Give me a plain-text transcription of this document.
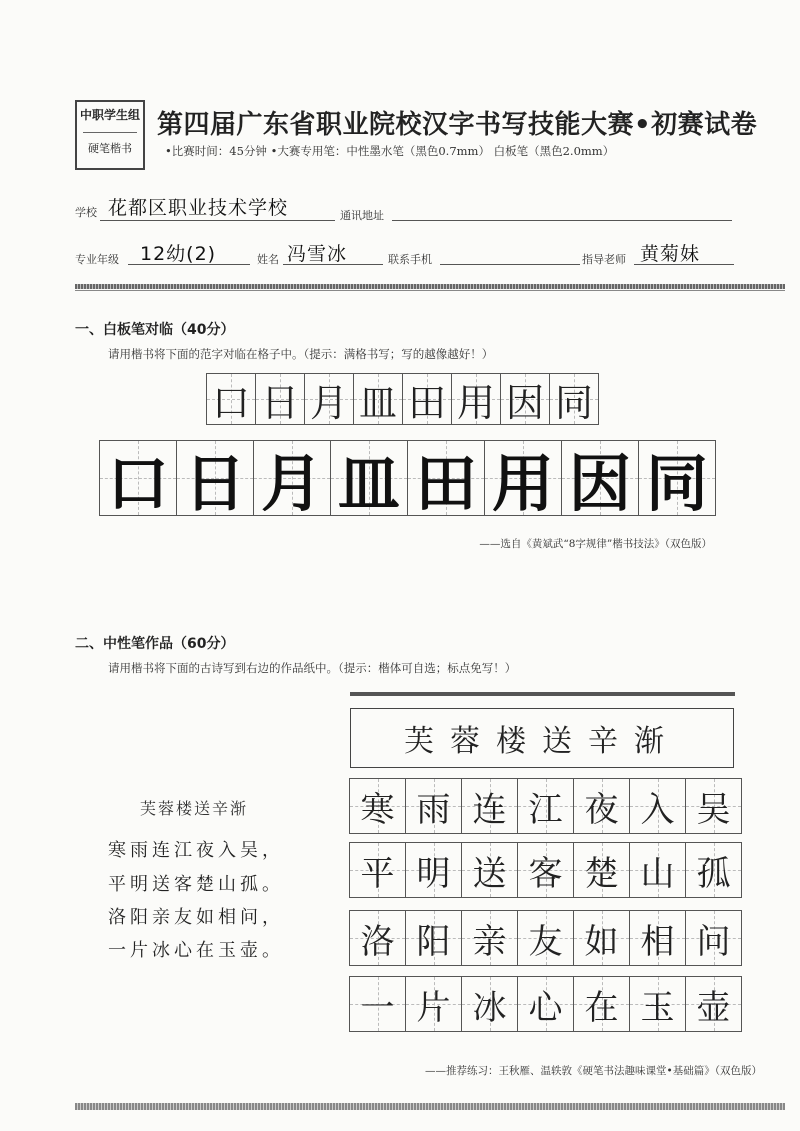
中职学生组
硬笔楷书
第四届广东省职业院校汉字书写技能大赛•初赛试卷
•比赛时间：45分钟 •大赛专用笔：中性墨水笔（黑色0.7mm） 白板笔（黑色2.0mm）
学校 花都区职业技术学校	通讯地址
专业年级 12幼(2)	姓名 冯雪冰	联系手机	指导老师 黄菊妹
一、白板笔对临（40分）
请用楷书将下面的范字对临在格子中。（提示：满格书写；写的越像越好！）
口 日 月 皿 田 用 因 同
口 日 月 皿 田 用 因 同
——选自《黄斌武“8字规律”楷书技法》（双色版）
二、中性笔作品（60分）
请用楷书将下面的古诗写到右边的作品纸中。（提示：楷体可自选；标点免写！）
芙蓉楼送辛渐
寒雨连江夜入吴，
平明送客楚山孤。
洛阳亲友如相问，
一片冰心在玉壶。
芙蓉楼送辛渐
寒 雨 连 江 夜 入 吴
平 明 送 客 楚 山 孤
洛 阳 亲 友 如 相 问
一 片 冰 心 在 玉 壶
——推荐练习：王秋雁、温轶敦《硬笔书法趣味课堂•基础篇》（双色版）
